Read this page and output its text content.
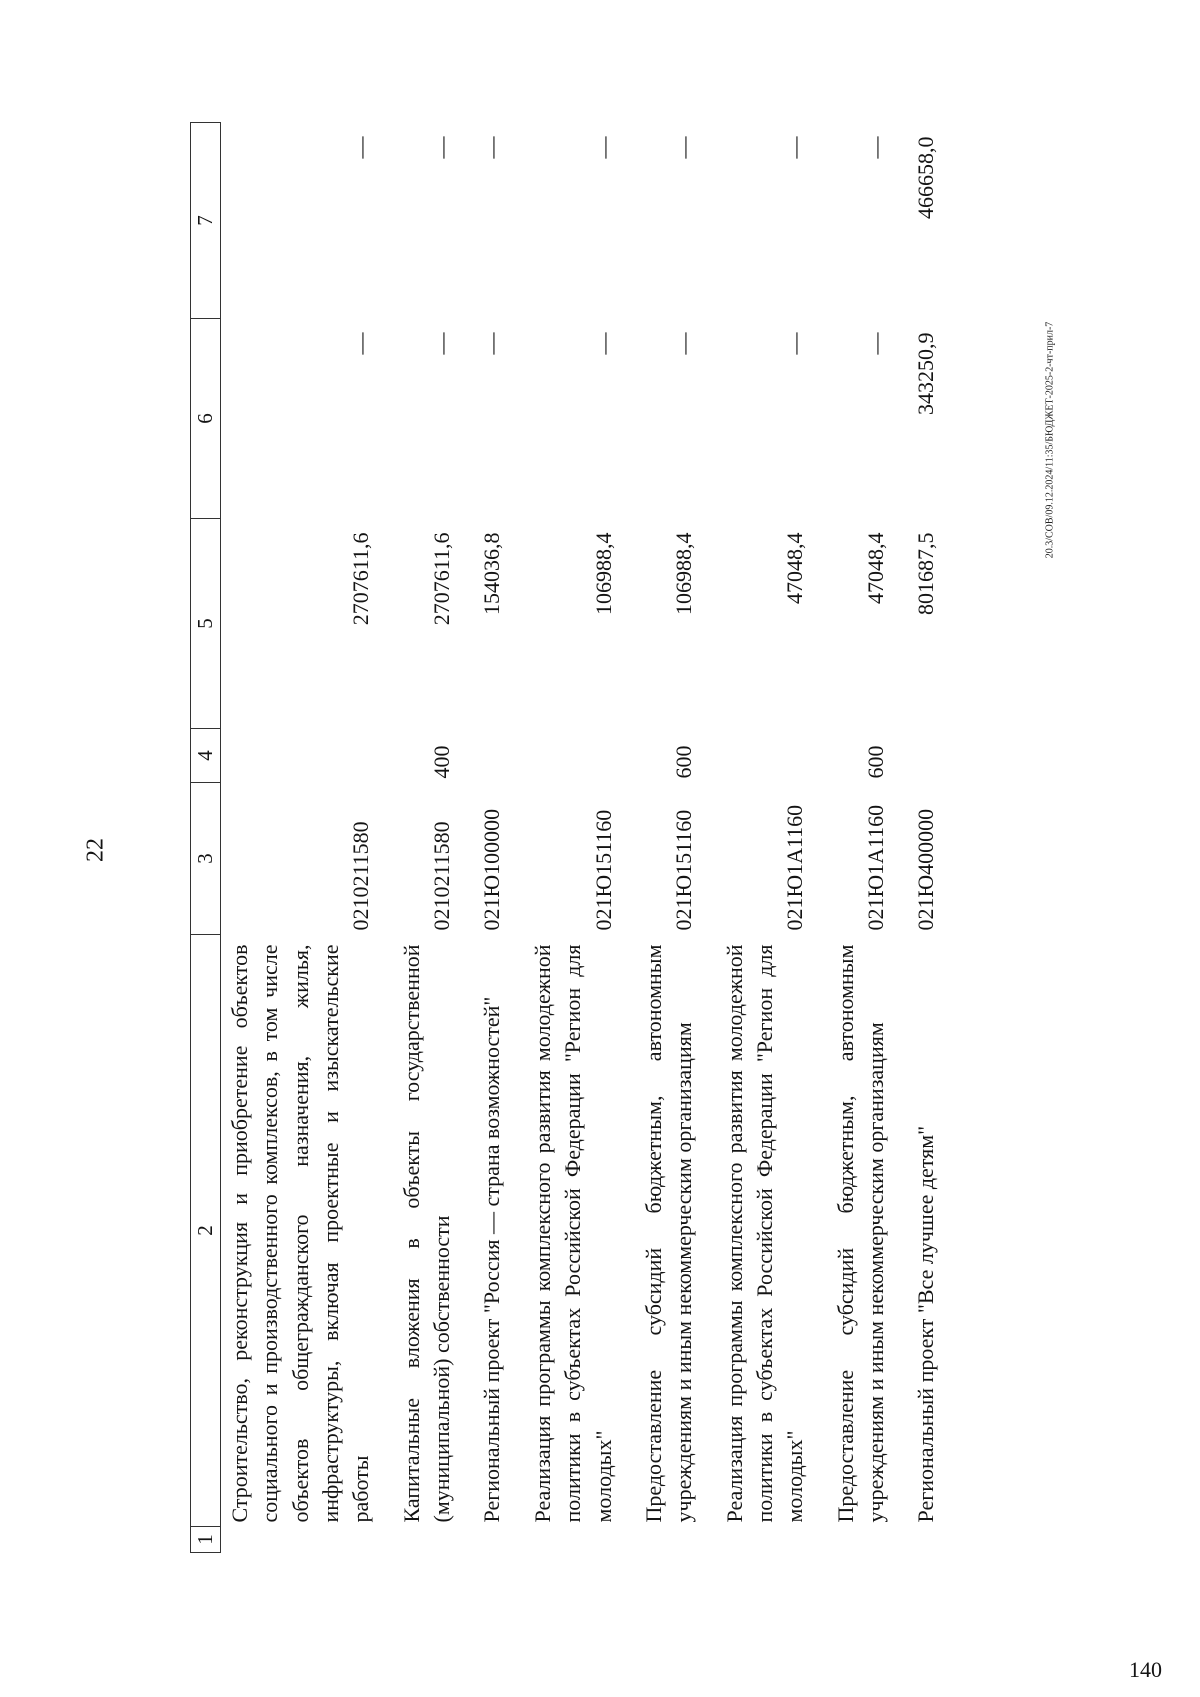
22
1	2	3	4	5	6	7
	Строительство, реконструкция и приобретение объектов социального и производственного комплексов, в том числе объектов общегражданского назначения, жилья, инфраструктуры, включая проектные и изыскательские работы	0210211580		2707611,6	—	—
	Капитальные вложения в объекты государственной (муниципальной) собственности	0210211580	400	2707611,6	—	—
	Региональный проект "Россия — страна возможностей"	021Ю100000		154036,8	—	—
	Реализация программы комплексного развития молодежной политики в субъектах Российской Федерации "Регион для молодых"	021Ю151160		106988,4	—	—
	Предоставление субсидий бюджетным, автономным учреждениям и иным некоммерческим организациям	021Ю151160	600	106988,4	—	—
	Реализация программы комплексного развития молодежной политики в субъектах Российской Федерации "Регион для молодых"	021Ю1А1160		47048,4	—	—
	Предоставление субсидий бюджетным, автономным учреждениям и иным некоммерческим организациям	021Ю1А1160	600	47048,4	—	—
	Региональный проект "Все лучшее детям"	021Ю400000		801687,5	343250,9	466658,0
20.3/СОВ/09.12.2024/11:35/БЮДЖЕТ-2025-2-чт-прил-7
140
